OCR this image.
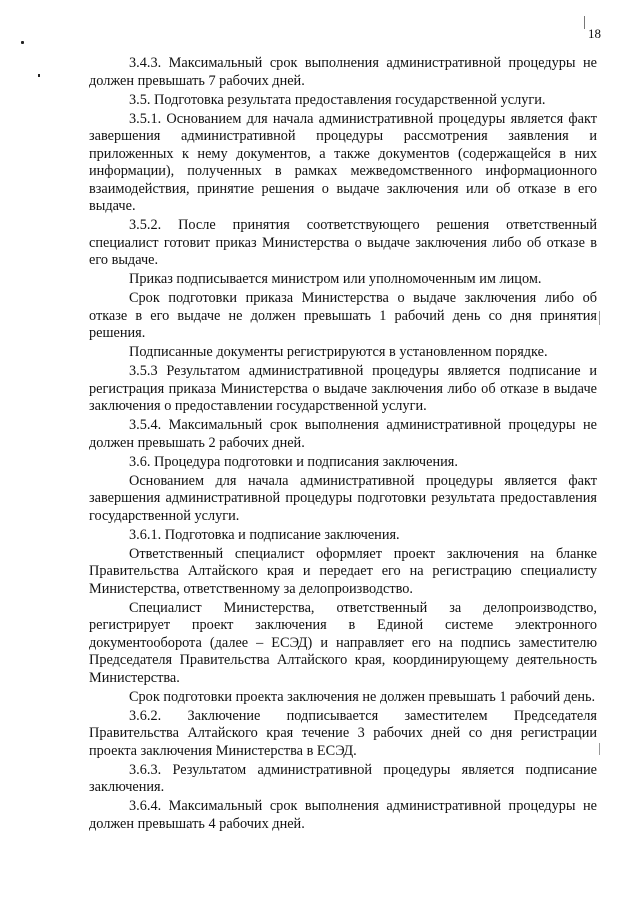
18

3.4.3. Максимальный срок выполнения административной процедуры не должен превышать 7 рабочих дней.

3.5. Подготовка результата предоставления государственной услуги.

3.5.1. Основанием для начала административной процедуры является факт завершения административной процедуры рассмотрения заявления и приложенных к нему документов, а также документов (содержащейся в них информации), полученных в рамках межведомственного информационного взаимодействия, принятие решения о выдаче заключения или об отказе в его выдаче.

3.5.2. После принятия соответствующего решения ответственный специалист готовит приказ Министерства о выдаче заключения либо об отказе в его выдаче.

Приказ подписывается министром или уполномоченным им лицом.

Срок подготовки приказа Министерства о выдаче заключения либо об отказе в его выдаче не должен превышать 1 рабочий день со дня принятия решения.

Подписанные документы регистрируются в установленном порядке.

3.5.3 Результатом административной процедуры является подписание и регистрация приказа Министерства о выдаче заключения либо об отказе в выдаче заключения о предоставлении государственной услуги.

3.5.4. Максимальный срок выполнения административной процедуры не должен превышать 2 рабочих дней.

3.6. Процедура подготовки и подписания заключения.

Основанием для начала административной процедуры является факт завершения административной процедуры подготовки результата предоставления государственной услуги.

3.6.1. Подготовка и подписание заключения.

Ответственный специалист оформляет проект заключения на бланке Правительства Алтайского края и передает его на регистрацию специалисту Министерства, ответственному за делопроизводство.

Специалист Министерства, ответственный за делопроизводство, регистрирует проект заключения в Единой системе электронного документооборота (далее – ЕСЭД) и направляет его на подпись заместителю Председателя Правительства Алтайского края, координирующему деятельность Министерства.

Срок подготовки проекта заключения не должен превышать 1 рабочий день.

3.6.2. Заключение подписывается заместителем Председателя Правительства Алтайского края течение 3 рабочих дней со дня регистрации проекта заключения Министерства в ЕСЭД.

3.6.3. Результатом административной процедуры является подписание заключения.

3.6.4. Максимальный срок выполнения административной процедуры не должен превышать 4 рабочих дней.
